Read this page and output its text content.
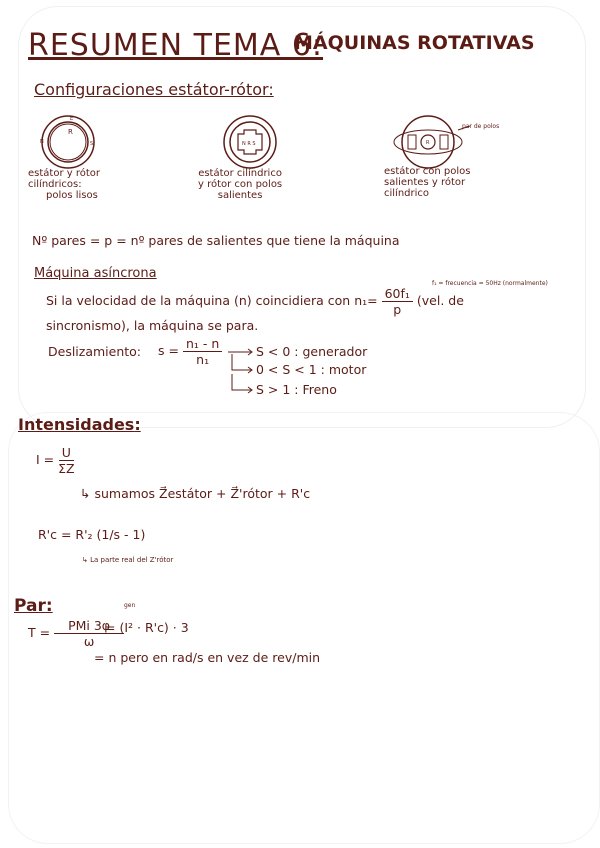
RESUMEN TEMA 6:
MÁQUINAS ROTATIVAS
Configuraciones estátor-rótor:
R
E
N	S
estátor y rótor
cilíndricos:
polos lisos
N R S
estátor cilíndrico
y rótor con polos
salientes
R
par de polos
estátor con polos
salientes y rótor
cilíndrico
Nº pares = p = nº pares de salientes que tiene la máquina
Máquina asíncrona
f₁ = frecuencia = 50Hz (normalmente)
Si la velocidad de la máquina (n) coincidiera con $n_1= \frac{\text{60f₁}}{p} (vel$. de
sincronismo), la máquina se para.
Deslizamiento: $s = \frac{\text{n₁ - n}}{\text{n₁}}$	S < 0 : generador
0 < S < 1 : motor
S > 1 : Freno
Intensidades:
$I = \frac{U}{\Sigma Z}$
↳ sumamos Z⃗estátor + Z⃗'rótor + R'c
R'c = R'₂ (1/s - 1)
↳ La parte real del Z'rótor
Par:	gen
$T = \frac{\text{PMi 3φ}}{\omega}$
= (I² · R'c) · 3
= n pero en rad/s en vez de rev/min
